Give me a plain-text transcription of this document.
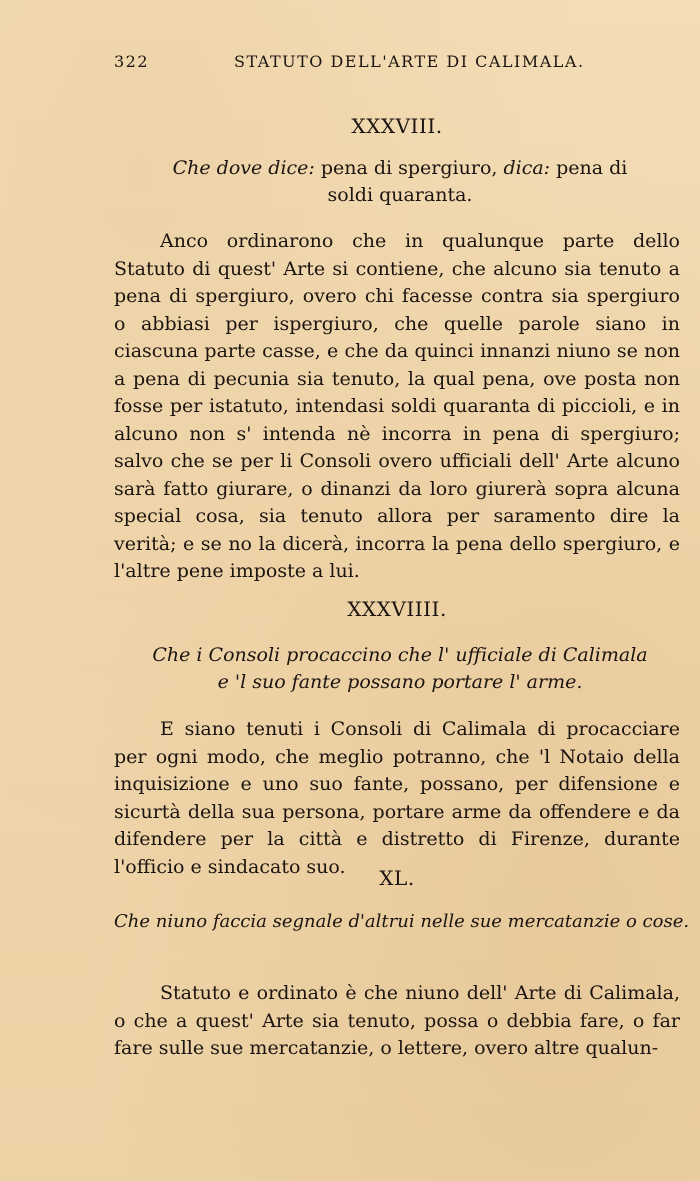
322	STATUTO DELL'ARTE DI CALIMALA.
XXXVIII.
Che dove dice: pena di spergiuro, dica: pena di soldi quaranta.

Anco ordinarono che in qualunque parte dello Statuto di quest' Arte si contiene, che alcuno sia tenuto a pena di spergiuro, overo chi facesse contra sia spergiuro o abbiasi per ispergiuro, che quelle parole siano in ciascuna parte casse, e che da quinci innanzi niuno se non a pena di pecunia sia tenuto, la qual pena, ove posta non fosse per istatuto, intendasi soldi quaranta di piccioli, e in alcuno non s' intenda nè incorra in pena di spergiuro; salvo che se per li Consoli overo ufficiali dell' Arte alcuno sarà fatto giurare, o dinanzi da loro giurerà sopra alcuna special cosa, sia tenuto allora per saramento dire la verità; e se no la dicerà, incorra la pena dello spergiuro, e l'altre pene imposte a lui.

XXXVIIII.
Che i Consoli procaccino che l' ufficiale di Calimala e 'l suo fante possano portare l' arme.

E siano tenuti i Consoli di Calimala di procacciare per ogni modo, che meglio potranno, che 'l Notaio della inquisizione e uno suo fante, possano, per difensione e sicurtà della sua persona, portare arme da offendere e da difendere per la città e distretto di Firenze, durante l'officio e sindacato suo.	XL.
Che niuno faccia segnale d'altrui nelle sue mercatanzie o cose.

Statuto e ordinato è che niuno dell' Arte di Calimala, o che a quest' Arte sia tenuto, possa o debbia fare, o far fare sulle sue mercatanzie, o lettere, overo altre qualun-
